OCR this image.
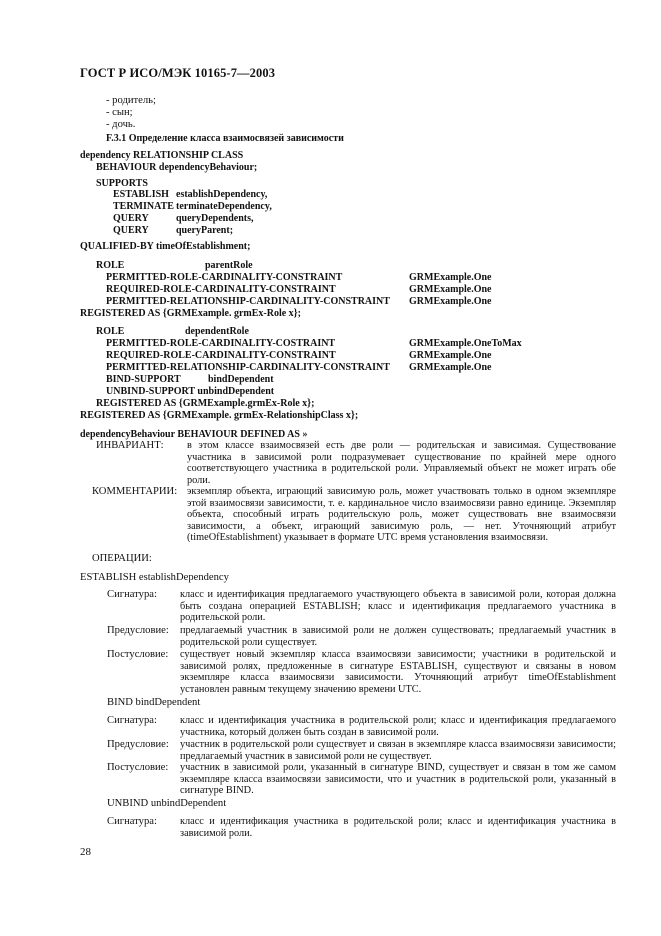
ГОСТ Р ИСО/МЭК 10165-7—2003
- родитель;
- сын;
- дочь.
F.3.1 Определение класса взаимосвязей зависимости
dependency RELATIONSHIP CLASS
BEHAVIOUR dependencyBehaviour;
SUPPORTS
ESTABLISH establishDependency,
TERMINATE terminateDependency,
QUERY	queryDependents,
QUERY	queryParent;
QUALIFIED-BY timeOfEstablishment;
ROLE	parentRole
PERMITTED-ROLE-CARDINALITY-CONSTRAINT	GRMExample.One
REQUIRED-ROLE-CARDINALITY-CONSTRAINT	GRMExample.One
PERMITTED-RELATIONSHIP-CARDINALITY-CONSTRAINT GRMExample.One
REGISTERED AS {GRMExample. grmEx-Role x};
ROLE	dependentRole
PERMITTED-ROLE-CARDINALITY-COSTRAINT	GRMExample.OneToMax
REQUIRED-ROLE-CARDINALITY-CONSTRAINT	GRMExample.One
PERMITTED-RELATIONSHIP-CARDINALITY-CONSTRAINT GRMExample.One
BIND-SUPPORT	bindDependent
UNBIND-SUPPORT unbindDependent
REGISTERED AS {GRMExample.grmEx-Role x};
REGISTERED AS {GRMExample. grmEx-RelationshipClass x};
dependencyBehaviour BEHAVIOUR DEFINED AS »
ИНВАРИАНТ: в этом классе взаимосвязей есть две роли — родительская и зависимая. Существование участника в зависимой роли подразумевает существование по крайней мере одного соответствующего участника в родительской роли. Управляемый объект не может играть обе роли.
КОММЕНТАРИИ: экземпляр объекта, играющий зависимую роль, может участвовать только в одном экземпляре этой взаимосвязи зависимости, т. е. кардинальное число взаимосвязи равно единице. Экземпляр объекта, способный играть родительскую роль, может существовать вне взаимосвязи зависимости, а объект, играющий зависимую роль, — нет. Уточняющий атрибут (timeOfEstablishment) указывает в формате UTC время установления взаимосвязи.
ОПЕРАЦИИ:
ESTABLISH establishDependency
Сигнатура: класс и идентификация предлагаемого участвующего объекта в зависимой роли, которая должна быть создана операцией ESTABLISH; класс и идентификация предлагаемого участника в родительской роли.
Предусловие: предлагаемый участник в зависимой роли не должен существовать; предлагаемый участник в родительской роли существует.
Постусловие: существует новый экземпляр класса взаимосвязи зависимости; участники в родительской и зависимой ролях, предложенные в сигнатуре ESTABLISH, существуют и связаны в новом экземпляре класса взаимосвязи зависимости. Уточняющий атрибут timeOfEstablishment установлен равным текущему значению времени UTC.
BIND bindDependent
Сигнатура: класс и идентификация участника в родительской роли; класс и идентификация предлагаемого участника, который должен быть создан в зависимой роли.
Предусловие: участник в родительской роли существует и связан в экземпляре класса взаимосвязи зависимости; предлагаемый участник в зависимой роли не существует.
Постусловие: участник в зависимой роли, указанный в сигнатуре BIND, существует и связан в том же самом экземпляре класса взаимосвязи зависимости, что и участник в родительской роли, указанный в сигнатуре BIND.
UNBIND unbindDependent
Сигнатура: класс и идентификация участника в родительской роли; класс и идентификация участника в зависимой роли.
28
